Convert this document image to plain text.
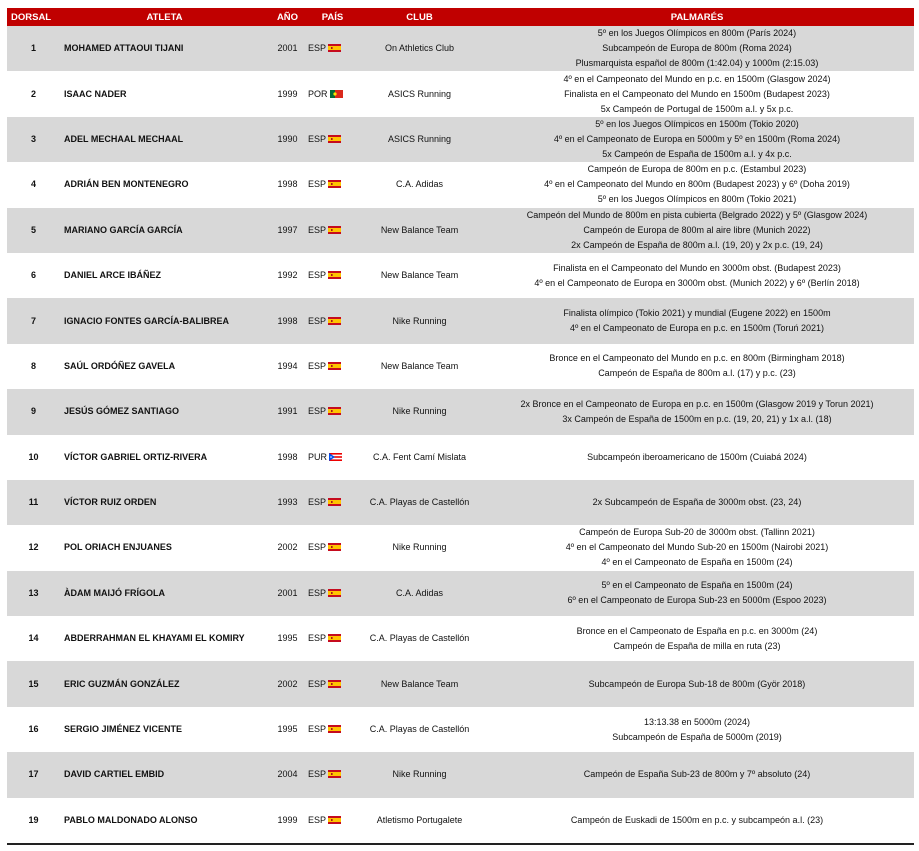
DORSAL	ATLETA	AÑO	PAÍS	CLUB	PALMARÉS
1	MOHAMED ATTAOUI TIJANI	2001	ESP	On Athletics Club	5º en los Juegos Olímpicos en 800m (París 2024)
Subcampeón de Europa de 800m (Roma 2024)
Plusmarquista español de 800m (1:42.04) y 1000m (2:15.03)

2	ISAAC NADER	1999	POR	ASICS Running	4º en el Campeonato del Mundo en p.c. en 1500m (Glasgow 2024)
Finalista en el Campeonato del Mundo en 1500m (Budapest 2023)
5x Campeón de Portugal de 1500m a.l. y 5x p.c.

3	ADEL MECHAAL MECHAAL	1990	ESP	ASICS Running	5º en los Juegos Olímpicos en 1500m (Tokio 2020)
4º en el Campeonato de Europa en 5000m y 5º en 1500m (Roma 2024)
5x Campeón de España de 1500m a.l. y 4x p.c.

4	ADRIÁN BEN MONTENEGRO	1998	ESP	C.A. Adidas	Campeón de Europa de 800m en p.c. (Estambul 2023)
4º en el Campeonato del Mundo en 800m (Budapest 2023) y 6º (Doha 2019)
5º en los Juegos Olímpicos en 800m (Tokio 2021)

5	MARIANO GARCÍA GARCÍA	1997	ESP	New Balance Team	Campeón del Mundo de 800m en pista cubierta (Belgrado 2022) y 5º (Glasgow 2024)
Campeón de Europa de 800m al aire libre (Munich 2022)
2x Campeón de España de 800m a.l. (19, 20) y 2x p.c. (19, 24)

6	DANIEL ARCE IBÁÑEZ	1992	ESP	New Balance Team	Finalista en el Campeonato del Mundo en 3000m obst. (Budapest 2023)
4º en el Campeonato de Europa en 3000m obst. (Munich 2022) y 6º (Berlín 2018)

7	IGNACIO FONTES GARCÍA-BALIBREA	1998	ESP	Nike Running	Finalista olímpico (Tokio 2021) y mundial (Eugene 2022) en 1500m
4º en el Campeonato de Europa en p.c. en 1500m (Toruń 2021)

8	SAÚL ORDÓÑEZ GAVELA	1994	ESP	New Balance Team	Bronce en el Campeonato del Mundo en p.c. en 800m (Birmingham 2018)
Campeón de España de 800m a.l. (17) y p.c. (23)

9	JESÚS GÓMEZ SANTIAGO	1991	ESP	Nike Running	2x Bronce en el Campeonato de Europa en p.c. en 1500m (Glasgow 2019 y Torun 2021)
3x Campeón de España de 1500m en p.c. (19, 20, 21) y 1x a.l. (18)

10	VÍCTOR GABRIEL ORTIZ-RIVERA	1998	PUR	C.A. Fent Camí Mislata	Subcampeón iberoamericano de 1500m (Cuiabá 2024)

11	VÍCTOR RUIZ ORDEN	1993	ESP	C.A. Playas de Castellón	2x Subcampeón de España de 3000m obst. (23, 24)

12	POL ORIACH ENJUANES	2002	ESP	Nike Running	Campeón de Europa Sub-20 de 3000m obst. (Tallinn 2021)
4º en el Campeonato del Mundo Sub-20 en 1500m (Nairobi 2021)
4º en el Campeonato de España en 1500m (24)

13	ÀDAM MAIJÓ FRÍGOLA	2001	ESP	C.A. Adidas	5º en el Campeonato de España en 1500m (24)
6º en el Campeonato de Europa Sub-23 en 5000m (Espoo 2023)

14	ABDERRAHMAN EL KHAYAMI EL KOMIRY	1995	ESP	C.A. Playas de Castellón	Bronce en el Campeonato de España en p.c. en 3000m (24)
Campeón de España de milla en ruta (23)

15	ERIC GUZMÁN GONZÁLEZ	2002	ESP	New Balance Team	Subcampeón de Europa Sub-18 de 800m (Györ 2018)

16	SERGIO JIMÉNEZ VICENTE	1995	ESP	C.A. Playas de Castellón	13:13.38 en 5000m (2024)
Subcampeón de España de 5000m (2019)

17	DAVID CARTIEL EMBID	2004	ESP	Nike Running	Campeón de España Sub-23 de 800m y 7º absoluto (24)

19	PABLO MALDONADO ALONSO	1999	ESP	Atletismo Portugalete	Campeón de Euskadi de 1500m en p.c. y subcampeón a.l. (23)
